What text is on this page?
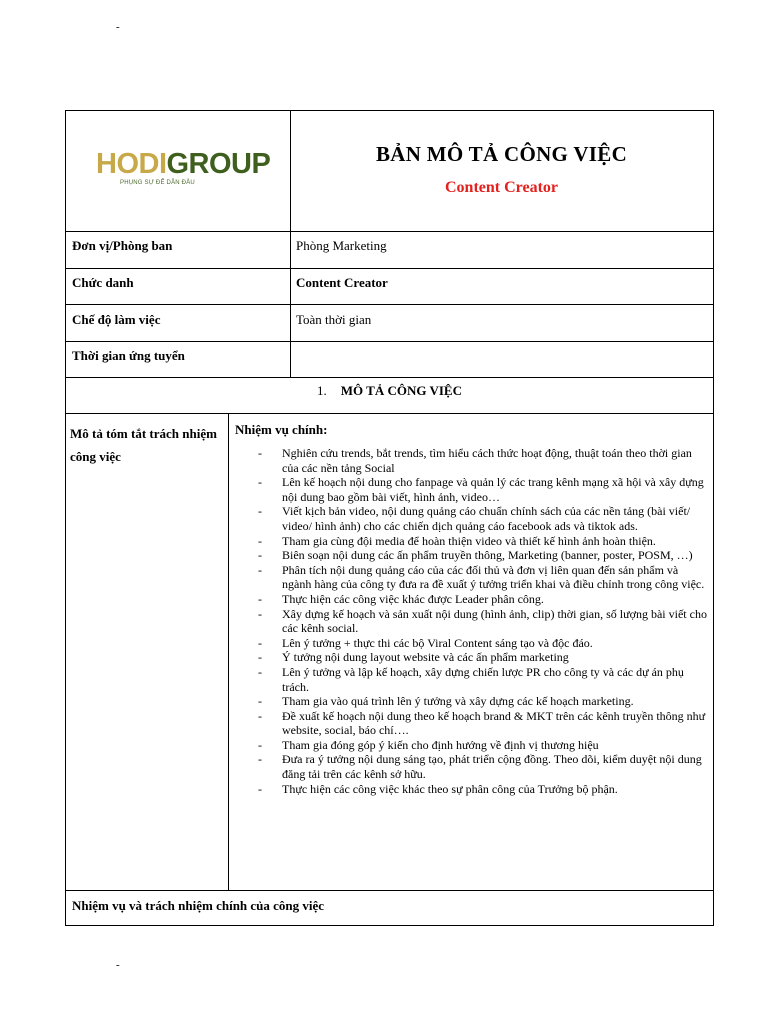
-
HODIGROUP
PHỤNG SỰ ĐỂ DẪN ĐẦU
BẢN MÔ TẢ CÔNG VIỆC
Content Creator
Đơn vị/Phòng ban	Phòng Marketing
Chức danh	Content Creator
Chế độ làm việc	Toàn thời gian
Thời gian ứng tuyển
1. MÔ TẢ CÔNG VIỆC
Mô tả tóm tắt trách nhiệm công việc
Nhiệm vụ chính:
- Nghiên cứu trends, bắt trends, tìm hiểu cách thức hoạt động, thuật toán theo thời gian của các nền tảng Social
- Lên kế hoạch nội dung cho fanpage và quản lý các trang kênh mạng xã hội và xây dựng nội dung bao gồm bài viết, hình ảnh, video…
- Viết kịch bản video, nội dung quảng cáo chuẩn chính sách của các nền tảng (bài viết/ video/ hình ảnh) cho các chiến dịch quảng cáo facebook ads và tiktok ads.
- Tham gia cùng đội media để hoàn thiện video và thiết kế hình ảnh hoàn thiện.
- Biên soạn nội dung các ấn phẩm truyền thông, Marketing (banner, poster, POSM, …)
- Phân tích nội dung quảng cáo của các đối thủ và đơn vị liên quan đến sản phẩm và ngành hàng của công ty đưa ra đề xuất ý tưởng triển khai và điều chỉnh trong công việc.
- Thực hiện các công việc khác được Leader phân công.
- Xây dựng kế hoạch và sản xuất nội dung (hình ảnh, clip) thời gian, số lượng bài viết cho các kênh social.
- Lên ý tưởng + thực thi các bộ Viral Content sáng tạo và độc đáo.
- Ý tưởng nội dung layout website và các ấn phẩm marketing
- Lên ý tưởng và lập kế hoạch, xây dựng chiến lược PR cho công ty và các dự án phụ trách.
- Tham gia vào quá trình lên ý tưởng và xây dựng các kế hoạch marketing.
- Đề xuất kế hoạch nội dung theo kế hoạch brand & MKT trên các kênh truyền thông như website, social, báo chí….
- Tham gia đóng góp ý kiến cho định hướng về định vị thương hiệu
- Đưa ra ý tưởng nội dung sáng tạo, phát triển cộng đồng. Theo dõi, kiểm duyệt nội dung đăng tải trên các kênh sở hữu.
- Thực hiện các công việc khác theo sự phân công của Trưởng bộ phận.
Nhiệm vụ và trách nhiệm chính của công việc
-
